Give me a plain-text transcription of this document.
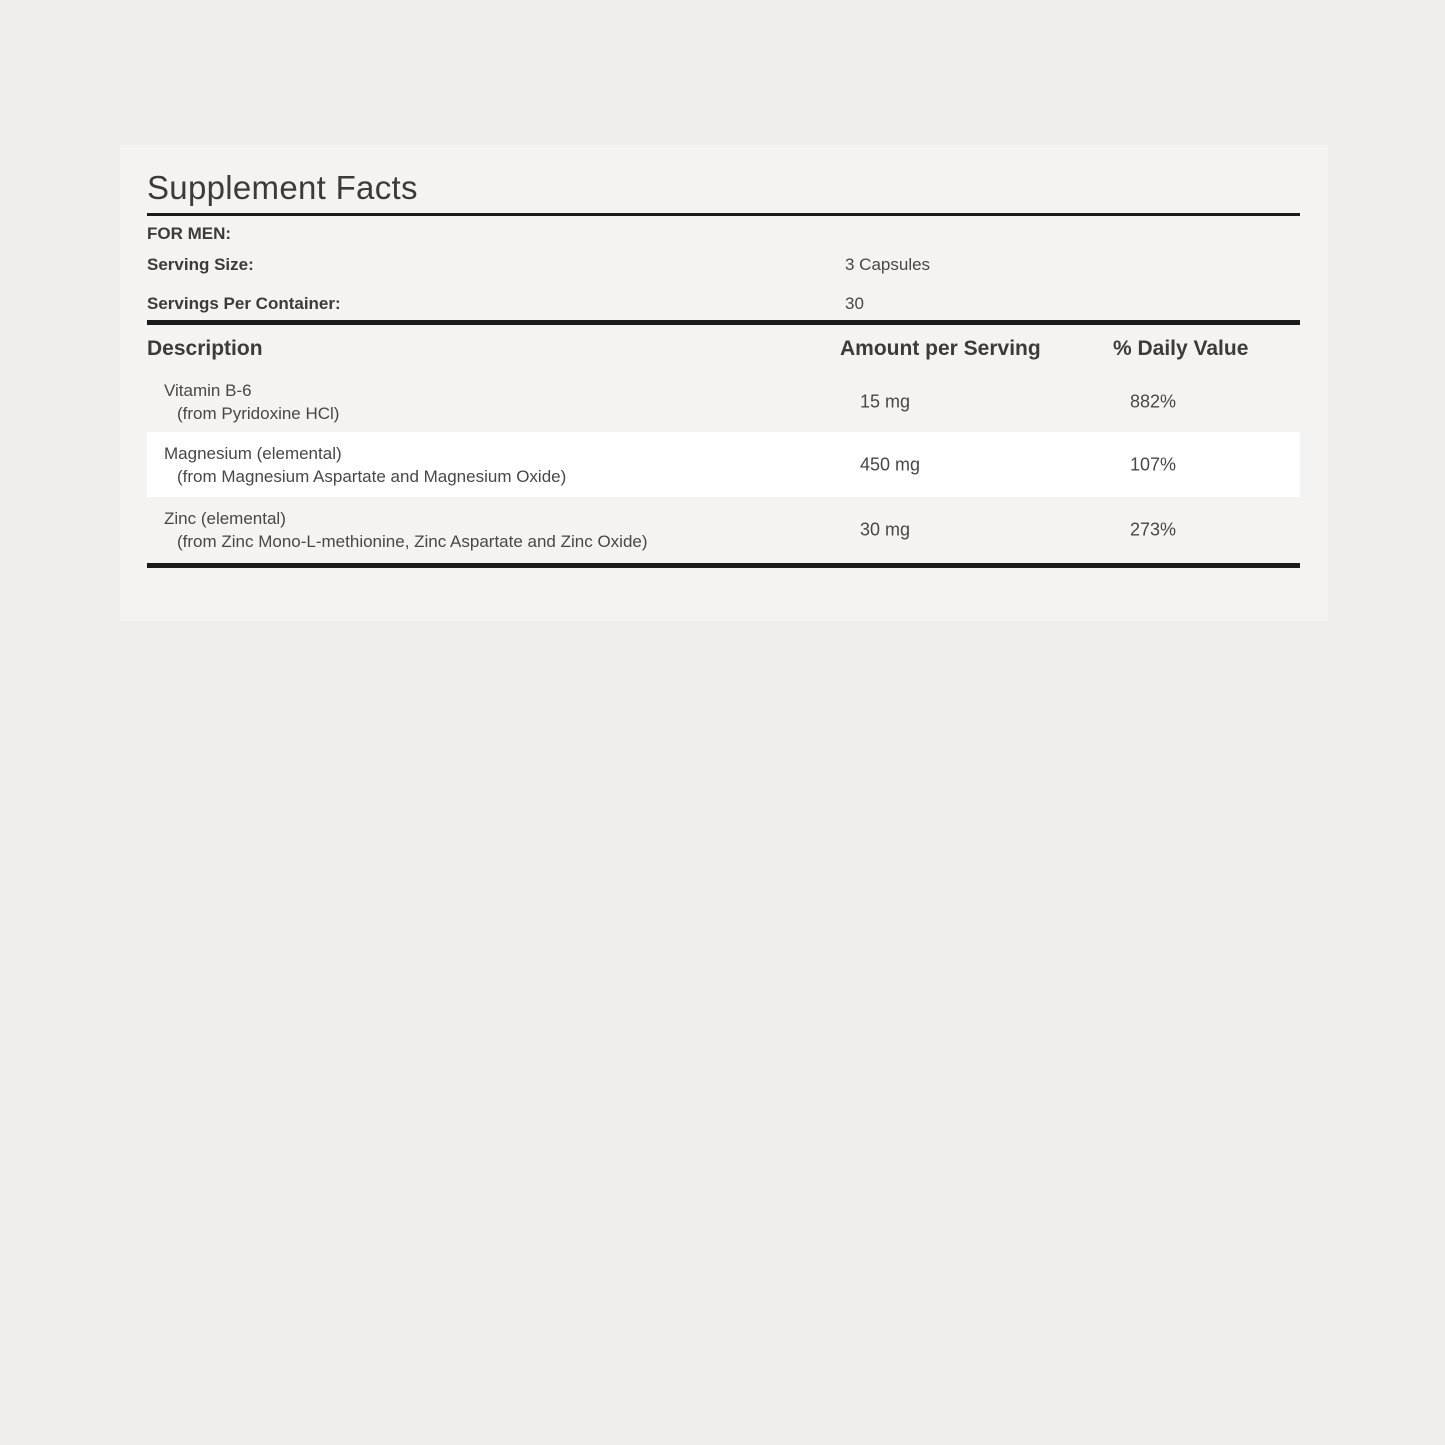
Supplement Facts
FOR MEN:
Serving Size:	3 Capsules
Servings Per Container:	30
Description	Amount per Serving	% Daily Value
Vitamin B-6
(from Pyridoxine HCl)
15 mg	882%
Magnesium (elemental)
(from Magnesium Aspartate and Magnesium Oxide)
450 mg	107%
Zinc (elemental)
(from Zinc Mono-L-methionine, Zinc Aspartate and Zinc Oxide)
30 mg	273%
